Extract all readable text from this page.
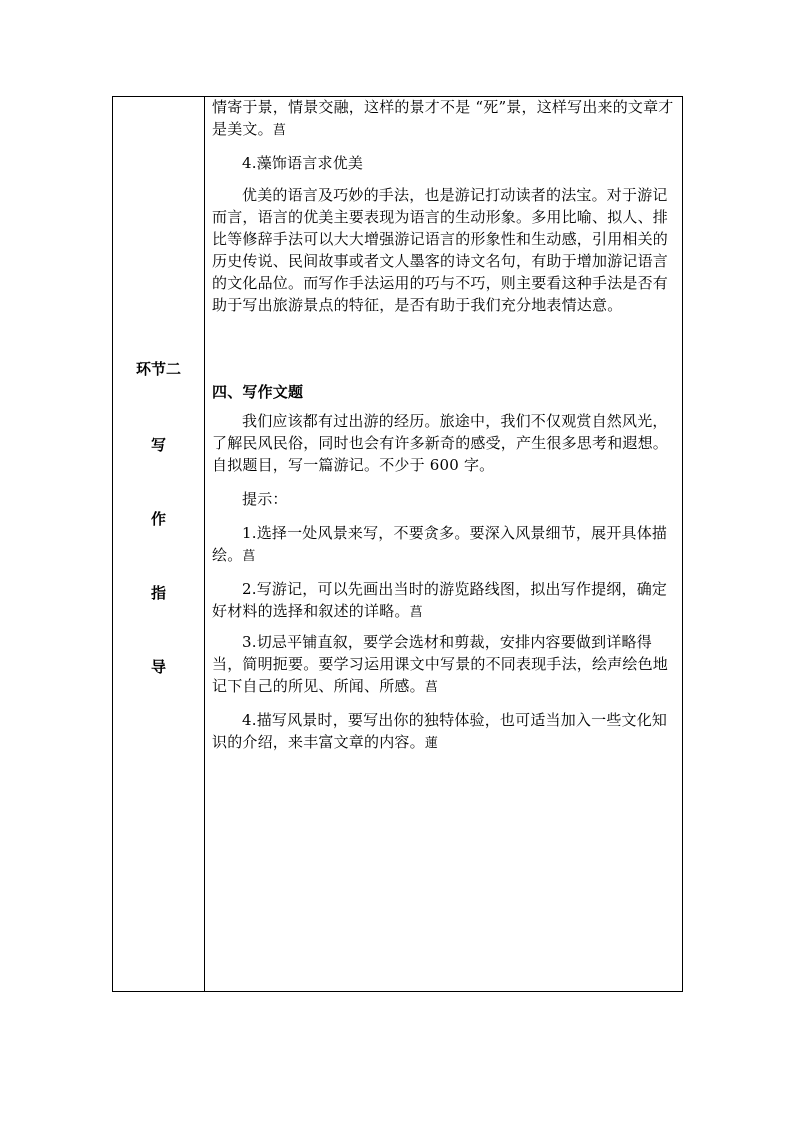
环节二
写
作
指
导

情寄于景，情景交融，这样的景才不是 “死”景，这样写出来的文章才是美文。菖

4.藻饰语言求优美

优美的语言及巧妙的手法，也是游记打动读者的法宝。对于游记而言，语言的优美主要表现为语言的生动形象。多用比喻、拟人、排比等修辞手法可以大大增强游记语言的形象性和生动感，引用相关的历史传说、民间故事或者文人墨客的诗文名句，有助于增加游记语言的文化品位。而写作手法运用的巧与不巧，则主要看这种手法是否有助于写出旅游景点的特征，是否有助于我们充分地表情达意。

四、写作文题

我们应该都有过出游的经历。旅途中，我们不仅观赏自然风光，了解民风民俗，同时也会有许多新奇的感受，产生很多思考和遐想。自拟题目，写一篇游记。不少于 600 字。

提示：

1.选择一处风景来写，不要贪多。要深入风景细节，展开具体描绘。菖

2.写游记，可以先画出当时的游览路线图，拟出写作提纲，确定好材料的选择和叙述的详略。菖

3.切忌平铺直叙，要学会选材和剪裁，安排内容要做到详略得当，简明扼要。要学习运用课文中写景的不同表现手法，绘声绘色地记下自己的所见、所闻、所感。菖

4.描写风景时，要写出你的独特体验，也可适当加入一些文化知识的介绍，来丰富文章的内容。蓮
